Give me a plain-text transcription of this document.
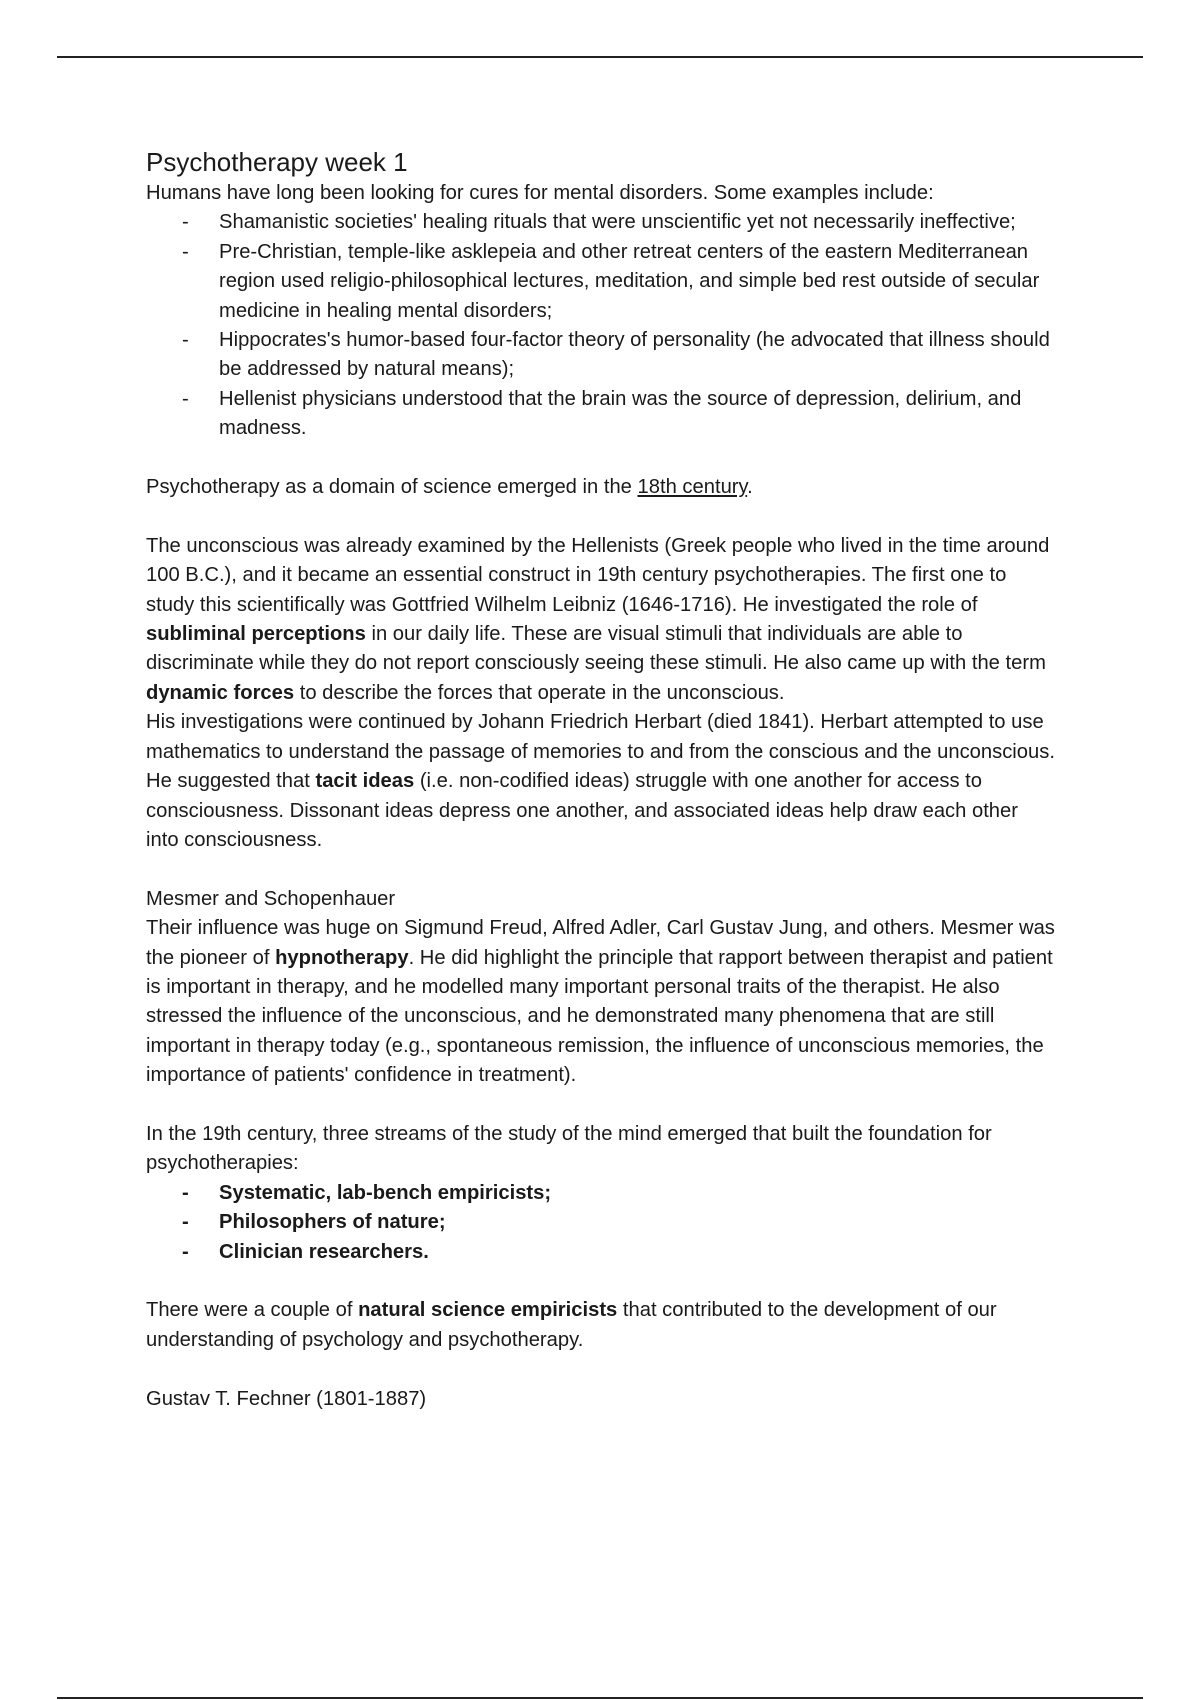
Psychotherapy week 1

Humans have long been looking for cures for mental disorders. Some examples include:

- Shamanistic societies' healing rituals that were unscientific yet not necessarily ineffective;
- Pre-Christian, temple-like asklepeia and other retreat centers of the eastern Mediterranean region used religio-philosophical lectures, meditation, and simple bed rest outside of secular medicine in healing mental disorders;
- Hippocrates's humor-based four-factor theory of personality (he advocated that illness should be addressed by natural means);
- Hellenist physicians understood that the brain was the source of depression, delirium, and madness.

Psychotherapy as a domain of science emerged in the 18th century.

The unconscious was already examined by the Hellenists (Greek people who lived in the time around 100 B.C.), and it became an essential construct in 19th century psychotherapies. The first one to study this scientifically was Gottfried Wilhelm Leibniz (1646-1716). He investigated the role of subliminal perceptions in our daily life. These are visual stimuli that individuals are able to discriminate while they do not report consciously seeing these stimuli. He also came up with the term dynamic forces to describe the forces that operate in the unconscious.

His investigations were continued by Johann Friedrich Herbart (died 1841). Herbart attempted to use mathematics to understand the passage of memories to and from the conscious and the unconscious. He suggested that tacit ideas (i.e. non-codified ideas) struggle with one another for access to consciousness. Dissonant ideas depress one another, and associated ideas help draw each other into consciousness.

Mesmer and Schopenhauer

Their influence was huge on Sigmund Freud, Alfred Adler, Carl Gustav Jung, and others. Mesmer was the pioneer of hypnotherapy. He did highlight the principle that rapport between therapist and patient is important in therapy, and he modelled many important personal traits of the therapist. He also stressed the influence of the unconscious, and he demonstrated many phenomena that are still important in therapy today (e.g., spontaneous remission, the influence of unconscious memories, the importance of patients' confidence in treatment).

In the 19th century, three streams of the study of the mind emerged that built the foundation for psychotherapies:

- Systematic, lab-bench empiricists;
- Philosophers of nature;
- Clinician researchers.

There were a couple of natural science empiricists that contributed to the development of our understanding of psychology and psychotherapy.

Gustav T. Fechner (1801-1887)
